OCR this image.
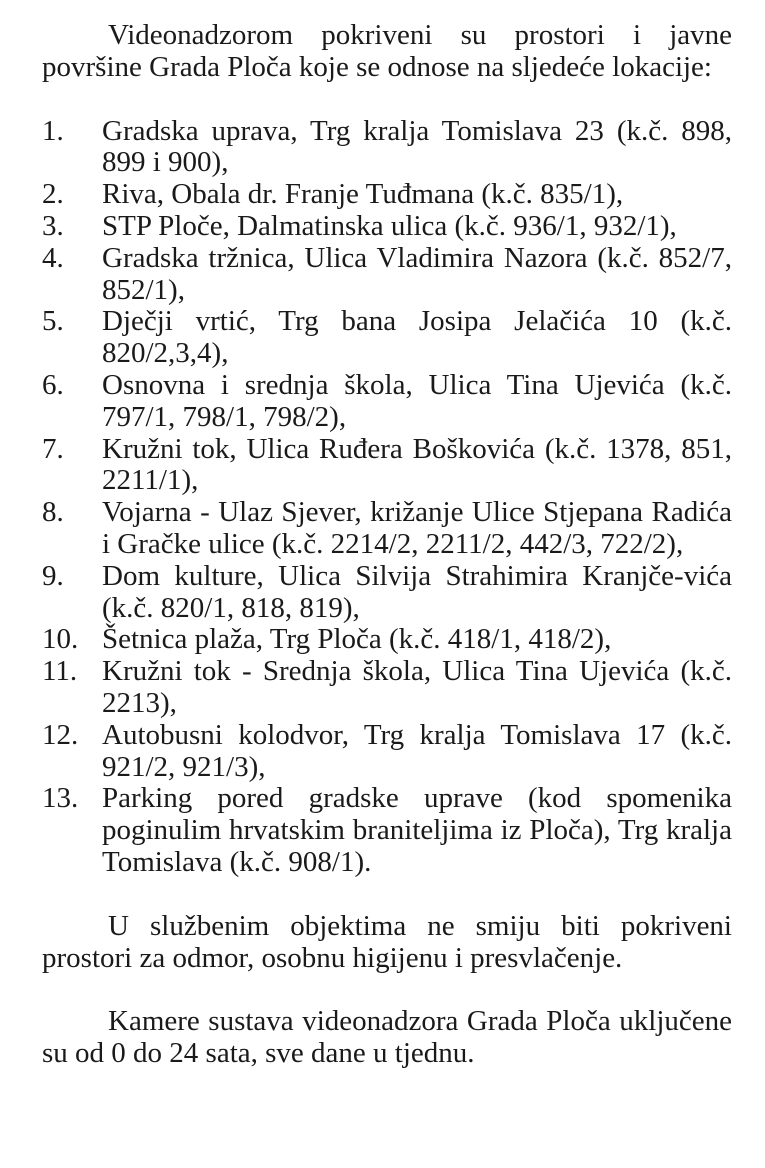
Videonadzorom pokriveni su prostori i javne površine Grada Ploča koje se odnose na sljedeće lokacije:

1.	Gradska uprava, Trg kralja Tomislava 23 (k.č. 898, 899 i 900),
2.	Riva, Obala dr. Franje Tuđmana (k.č. 835/1),
3.	STP Ploče, Dalmatinska ulica (k.č. 936/1, 932/1),
4.	Gradska tržnica, Ulica Vladimira Nazora (k.č. 852/7, 852/1),
5.	Dječji vrtić, Trg bana Josipa Jelačića 10 (k.č. 820/2,3,4),
6.	Osnovna i srednja škola, Ulica Tina Ujevića (k.č. 797/1, 798/1, 798/2),
7.	Kružni tok, Ulica Ruđera Boškovića (k.č. 1378, 851, 2211/1),
8.	Vojarna - Ulaz Sjever, križanje Ulice Stjepana Radića i Gračke ulice (k.č. 2214/2, 2211/2, 442/3, 722/2),
9.	Dom kulture, Ulica Silvija Strahimira Kranjče-vića (k.č. 820/1, 818, 819),
10. Šetnica plaža, Trg Ploča (k.č. 418/1, 418/2),
11. Kružni tok - Srednja škola, Ulica Tina Ujevića (k.č. 2213),
12. Autobusni kolodvor, Trg kralja Tomislava 17 (k.č. 921/2, 921/3),
13. Parking pored gradske uprave (kod spomenika poginulim hrvatskim braniteljima iz Ploča), Trg kralja Tomislava (k.č. 908/1).

U službenim objektima ne smiju biti pokriveni prostori za odmor, osobnu higijenu i presvlačenje.

Kamere sustava videonadzora Grada Ploča uključene su od 0 do 24 sata, sve dane u tjednu.
